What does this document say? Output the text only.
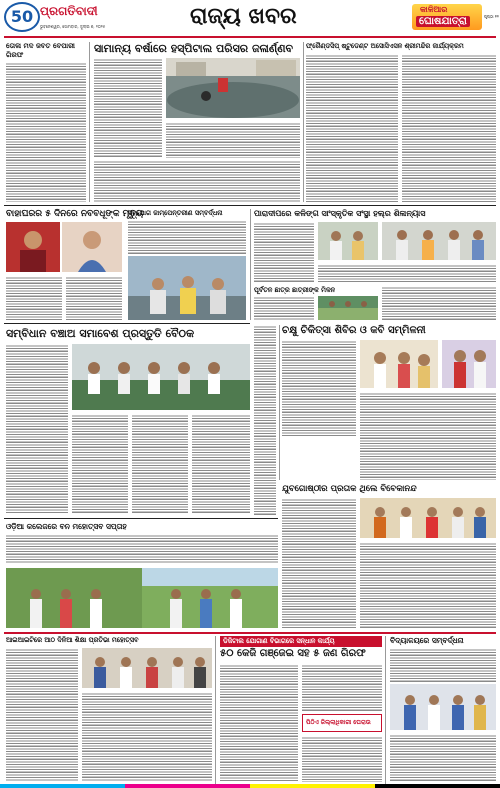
50 ପ୍ରଗତିବାଦୀ
ଭୁବନେଶ୍ୱର, ସୋମବାର, ଜୁଲାଇ ୭, ୨୦୨୫	ରାଜ୍ୟ ଖବର	କାଳିଆର
ଘୋଷଯାତ୍ରା	ପୃଷ୍ଠା ୧୨
ତୋଳା ମଦ ଜବତ ବେପାରୀ ଗିରଫ	ସାମାନ୍ୟ ବର୍ଷାରେ ହସ୍ପିଟାଲ ପରିସର ଜଳାର୍ଣ୍ଣବ	ଫ୍ରୈଣ୍ଡସିପ୍ ଷ୍ଟୁଡେଣ୍ଟ ଅସୋସିଏସନ ଶ୍ରୀମନ୍ଦିର ଜାର୍ଯ୍ୟକ୍ରମ
ବାହାଘରର ୫ ଦିନରେ ନବବଧୂଙ୍କ ମୃତ୍ୟୁ
ସହଯୋଗ ଜାମ୍ପେନ୍ତରୀଣ ସମ୍ବର୍ଦ୍ଧନା	ପାରାଦୀପରେ କଳିଙ୍ଗ ସାଂସ୍କୃତିକ ସଂସ୍ଥା ହଲ୍ର ଶିଳାନ୍ୟାସ
ପୂର୍ବତନ ଛାତ୍ର ଛାତ୍ରୀଙ୍କ ମିଳନ
ଚକ୍ଷୁ ଚିକିତ୍ସା ଶିବିର ଓ କବି ସମ୍ମିଳନୀ
ସମ୍ବିଧାନ ବଞ୍ଚାଅ ସମାବେଶ ପ୍ରସ୍ତୁତି ବୈଠକ
ଯୁବଗୋଷ୍ଠୀର ପ୍ରତାକ ଥିଲେ ବିବେକାନନ୍ଦ
ଓଡ଼ିଆ କଲେଜରେ ବନ ମହୋତ୍ସବ ସପ୍ତାହ
ଆଇଆଇଟିରେ ଆଠ ଦିନିଆ ଶିକ୍ଷା ପ୍ରତିଭା ମହୋତ୍ସବ	ଡିଜିଟାଲ ଯୋଗାଣ ବିଭାଗରେ ସନ୍ଧାନ କାର୍ଯ୍ୟ
୫୦ କେଜି ଗଞ୍ଜେଇ ସହ ୫ ଜଣ ଗିରଫ
ପିଠିଏ ଜିଲ୍ଲାଧିକାରୀ ଘେରାଉ
ବିଦ୍ୟାଳୟରେ ସମ୍ବର୍ଦ୍ଧନା
